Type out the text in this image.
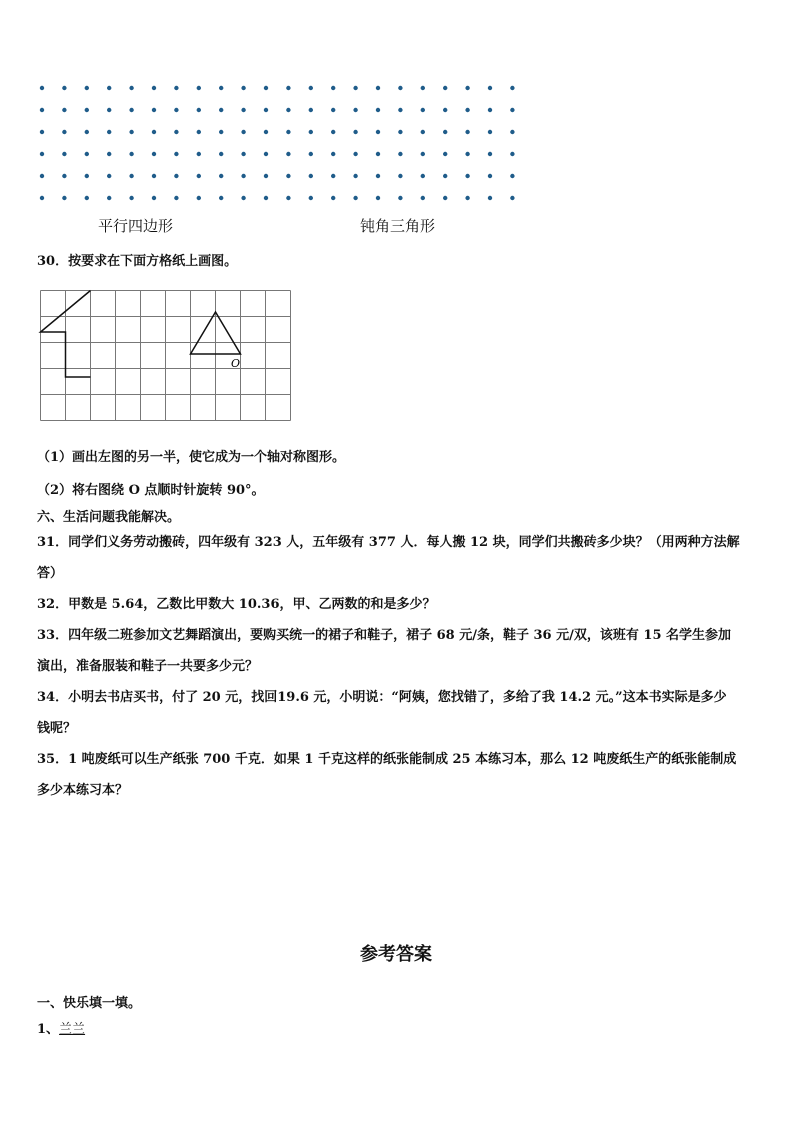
平行四边形	钝角三角形
30．按要求在下面方格纸上画图。
O
（1）画出左图的另一半，使它成为一个轴对称图形。
（2）将右图绕 O 点顺时针旋转 90°。
六、生活问题我能解决。
31．同学们义务劳动搬砖，四年级有 323 人，五年级有 377 人．每人搬 12 块，同学们共搬砖多少块？（用两种方法解
答）
32．甲数是 5.64，乙数比甲数大 10.36，甲、乙两数的和是多少？
33．四年级二班参加文艺舞蹈演出，要购买统一的裙子和鞋子，裙子 68 元/条，鞋子 36 元/双，该班有 15 名学生参加
演出，准备服装和鞋子一共要多少元？
34．小明去书店买书，付了 20 元，找回19.6 元，小明说：“阿姨，您找错了，多给了我 14.2 元。”这本书实际是多少
钱呢？
35．1 吨废纸可以生产纸张 700 千克．如果 1 千克这样的纸张能制成 25 本练习本，那么 12 吨废纸生产的纸张能制成
多少本练习本？
参考答案
一、快乐填一填。
1、兰兰
